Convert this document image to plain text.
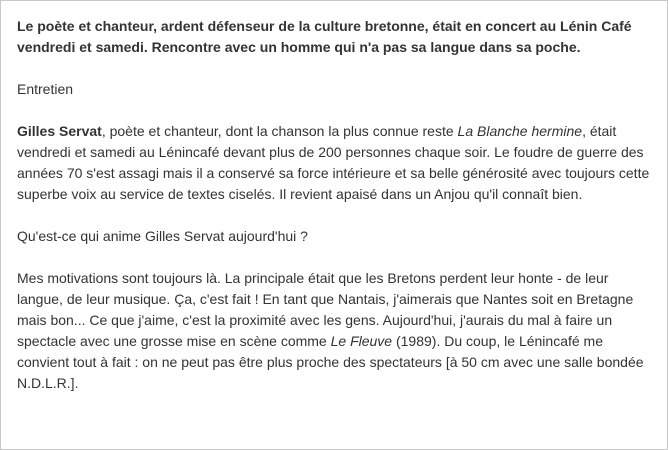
Le poète et chanteur, ardent défenseur de la culture bretonne, était en concert au Lénin Café vendredi et samedi. Rencontre avec un homme qui n'a pas sa langue dans sa poche.

Entretien

Gilles Servat, poète et chanteur, dont la chanson la plus connue reste La Blanche hermine, était vendredi et samedi au Lénincafé devant plus de 200 personnes chaque soir. Le foudre de guerre des années 70 s'est assagi mais il a conservé sa force intérieure et sa belle générosité avec toujours cette superbe voix au service de textes ciselés. Il revient apaisé dans un Anjou qu'il connaît bien.

Qu'est-ce qui anime Gilles Servat aujourd'hui ?

Mes motivations sont toujours là. La principale était que les Bretons perdent leur honte - de leur langue, de leur musique. Ça, c'est fait ! En tant que Nantais, j'aimerais que Nantes soit en Bretagne mais bon... Ce que j'aime, c'est la proximité avec les gens. Aujourd'hui, j'aurais du mal à faire un spectacle avec une grosse mise en scène comme Le Fleuve (1989). Du coup, le Lénincafé me convient tout à fait : on ne peut pas être plus proche des spectateurs [à 50 cm avec une salle bondée N.D.L.R.].
